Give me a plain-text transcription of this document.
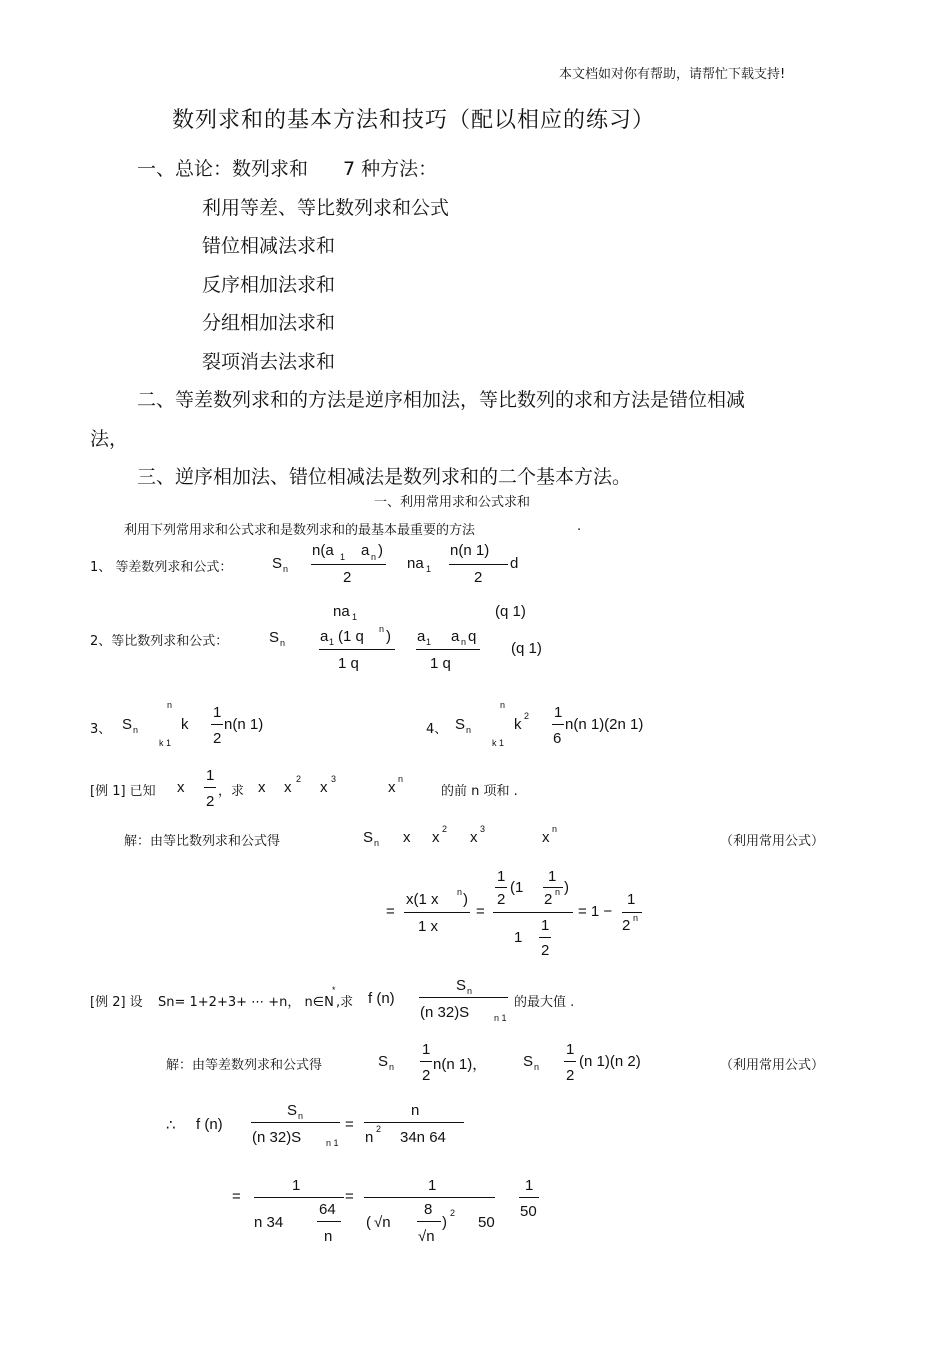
本文档如对你有帮助，请帮忙下载支持!
数列求和的基本方法和技巧（配以相应的练习）
一、总论：数列求和 7 种方法：
利用等差、等比数列求和公式
错位相减法求和
反序相加法求和
分组相加法求和
裂项消去法求和
二、等差数列求和的方法是逆序相加法，等比数列的求和方法是错位相减
法，
三、逆序相加法、错位相减法是数列求和的二个基本方法。
一、利用常用求和公式求和
利用下列常用求和公式求和是数列求和的最基本最重要的方法	.
1、 等差数列求和公式：	S n
n(a 1 a n )
2
na 1
n(n 1)
2
d
2、等比数列求和公式：	S n
na 1	(q 1)
a 1 (1 q n )
1 q
a 1 a n q
1 q
(q 1)
3、 S n
n
k 1
k
1
2
n(n 1)	4、 S n
n
k 1
k 2 1
6
n(n 1)(2n 1)
[例 1] 已知 x
1
2
，求 x x 2 x 3	x n
的前 n 项和 .
解：由等比数列求和公式得	S n x x 2 x 3	x n
（利用常用公式）
=
x(1 x n )
1 x
=
1
2
(1
1
2 n )
1
1
2
= 1 −
1
2 n
[例 2] 设 Sn= 1+2+3+ ⋯ +n， n∈N
*
,求 f (n)
S n
(n 32)S	n 1
的最大值 .
解：由等差数列求和公式得	S n
1
2
n(n 1)， S n
1
2
(n 1)(n 2)	（利用常用公式）
∴ f (n)
S n
(n 32)S	n 1
=
n
n 2 34n 64
=
1
n 34
64
n
=
1
( √n
8
√n
)
2
50
1
50
